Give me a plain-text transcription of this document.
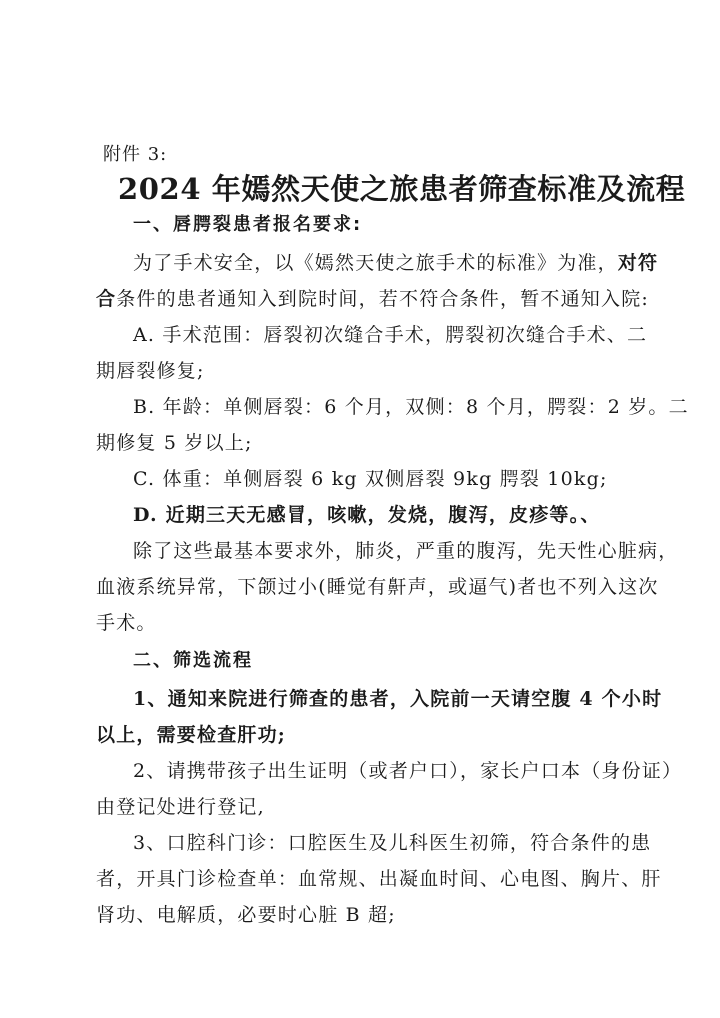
附件 3:
2024 年嫣然天使之旅患者筛查标准及流程
一、唇腭裂患者报名要求:
为了手术安全，以《嫣然天使之旅手术的标准》为准，对符
合条件的患者通知入到院时间，若不符合条件，暂不通知入院:
A. 手术范围：唇裂初次缝合手术，腭裂初次缝合手术、二
期唇裂修复;
B. 年龄：单侧唇裂：6 个月，双侧：8 个月，腭裂：2 岁。二
期修复 5 岁以上;
C. 体重：单侧唇裂 6 kg 双侧唇裂 9kg 腭裂 10kg;
D. 近期三天无感冒，咳嗽，发烧，腹泻，皮疹等。、
除了这些最基本要求外，肺炎，严重的腹泻，先天性心脏病，
血液系统异常，下颌过小(睡觉有鼾声，或逼气)者也不列入这次
手术。
二、筛选流程
1、通知来院进行筛查的患者，入院前一天请空腹 4 个小时
以上，需要检查肝功;
2、请携带孩子出生证明（或者户口），家长户口本（身份证）
由登记处进行登记,
3、口腔科门诊：口腔医生及儿科医生初筛，符合条件的患
者，开具门诊检查单：血常规、出凝血时间、心电图、胸片、肝
肾功、电解质，必要时心脏 B 超;
